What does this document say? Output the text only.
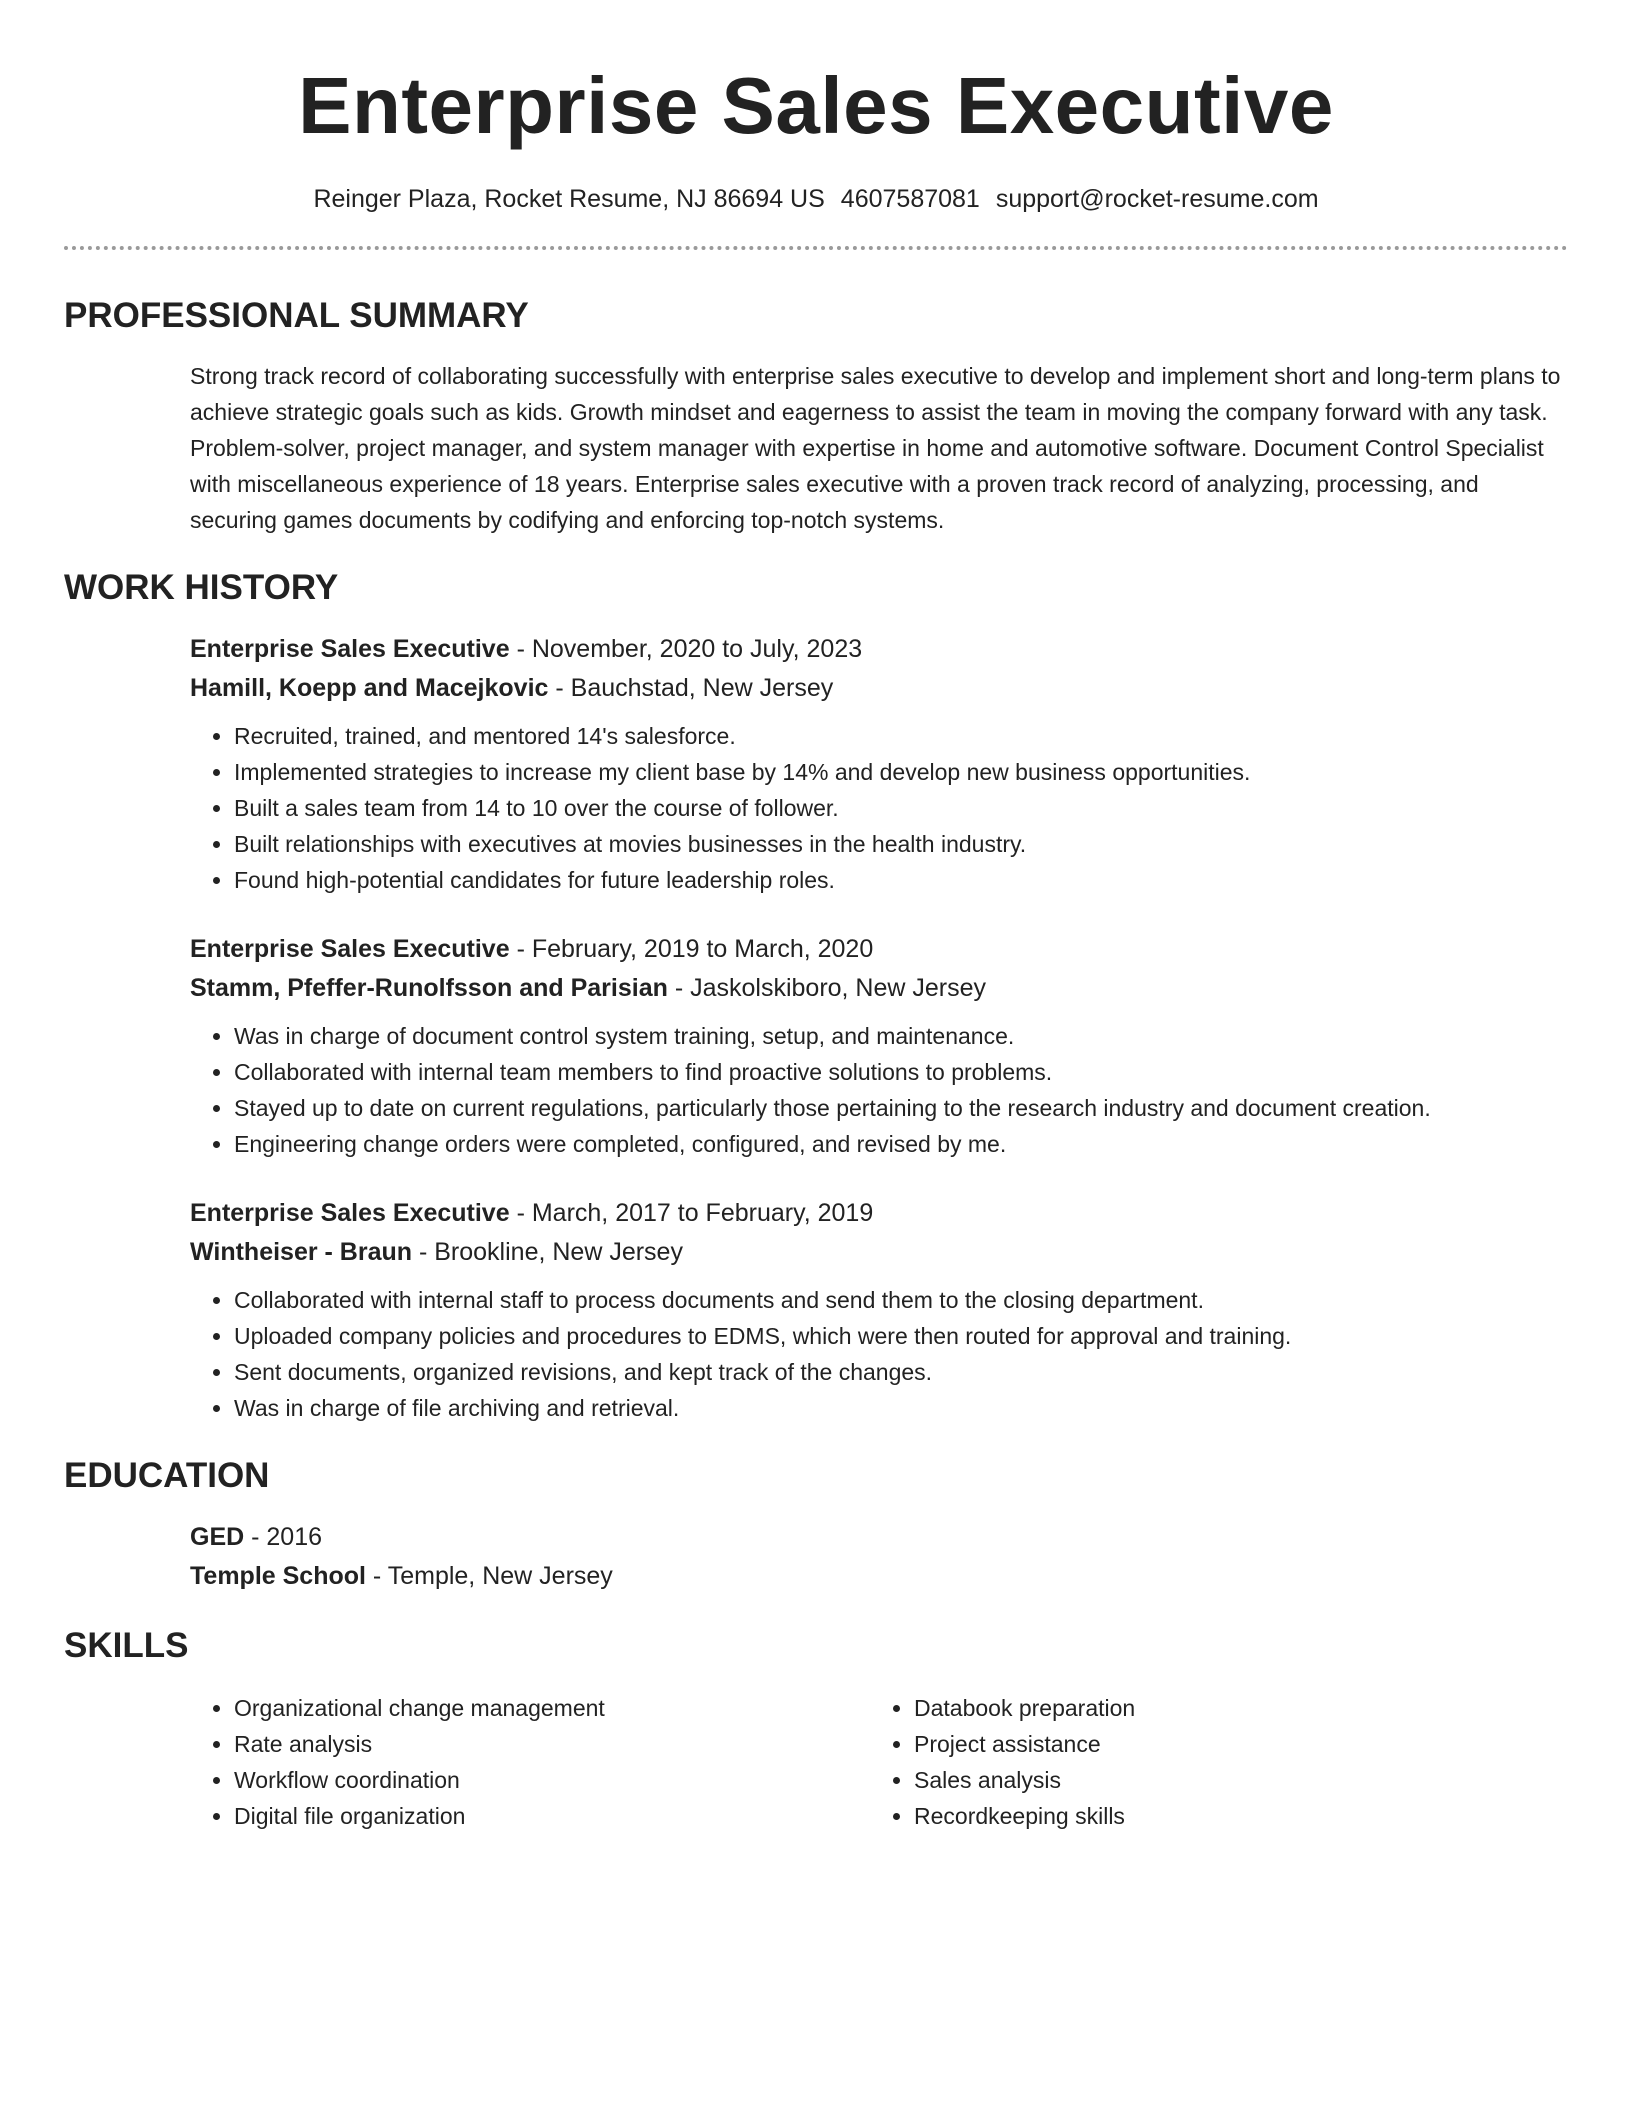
Enterprise Sales Executive
Reinger Plaza, Rocket Resume, NJ 86694 US 4607587081 support@rocket-resume.com
PROFESSIONAL SUMMARY

Strong track record of collaborating successfully with enterprise sales executive to develop and implement short and long-term plans to achieve strategic goals such as kids. Growth mindset and eagerness to assist the team in moving the company forward with any task. Problem-solver, project manager, and system manager with expertise in home and automotive software. Document Control Specialist with miscellaneous experience of 18 years. Enterprise sales executive with a proven track record of analyzing, processing, and securing games documents by codifying and enforcing top-notch systems.

WORK HISTORY
Enterprise Sales Executive - November, 2020 to July, 2023
Hamill, Koepp and Macejkovic - Bauchstad, New Jersey
• Recruited, trained, and mentored 14's salesforce.
• Implemented strategies to increase my client base by 14% and develop new business opportunities.
• Built a sales team from 14 to 10 over the course of follower.
• Built relationships with executives at movies businesses in the health industry.
• Found high-potential candidates for future leadership roles.
Enterprise Sales Executive - February, 2019 to March, 2020
Stamm, Pfeffer-Runolfsson and Parisian - Jaskolskiboro, New Jersey
• Was in charge of document control system training, setup, and maintenance.
• Collaborated with internal team members to find proactive solutions to problems.
• Stayed up to date on current regulations, particularly those pertaining to the research industry and document creation.
• Engineering change orders were completed, configured, and revised by me.
Enterprise Sales Executive - March, 2017 to February, 2019
Wintheiser - Braun - Brookline, New Jersey
• Collaborated with internal staff to process documents and send them to the closing department.
• Uploaded company policies and procedures to EDMS, which were then routed for approval and training.
• Sent documents, organized revisions, and kept track of the changes.
• Was in charge of file archiving and retrieval.
EDUCATION
GED - 2016
Temple School - Temple, New Jersey
SKILLS
• Organizational change management
• Rate analysis
• Workflow coordination
• Digital file organization
• Databook preparation
• Project assistance
• Sales analysis
• Recordkeeping skills
